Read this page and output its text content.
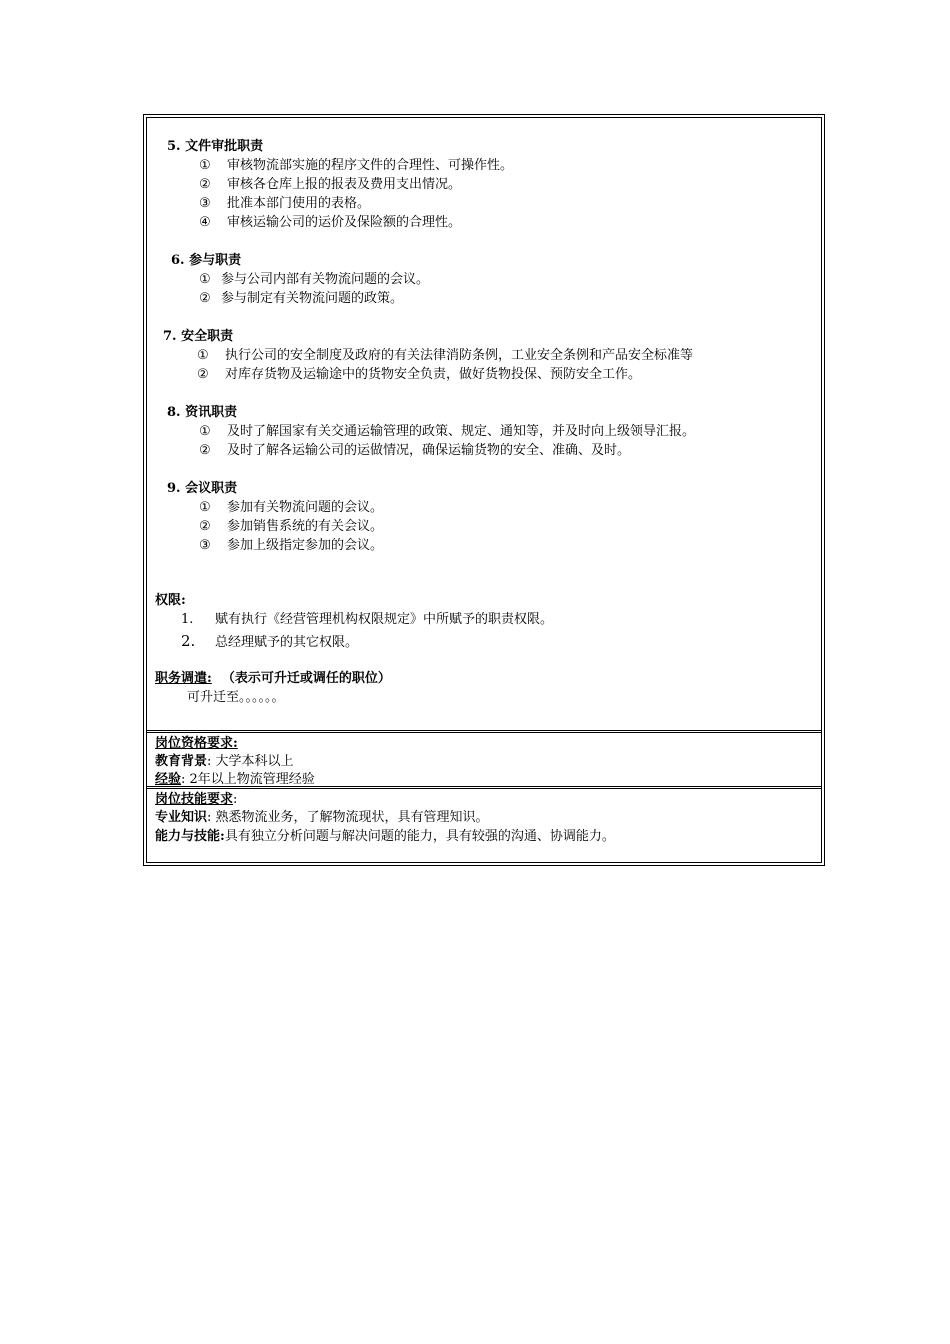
5. 文件审批职责
① 审核物流部实施的程序文件的合理性、可操作性。
② 审核各仓库上报的报表及费用支出情况。
③ 批准本部门使用的表格。
④ 审核运输公司的运价及保险额的合理性。
6. 参与职责
① 参与公司内部有关物流问题的会议。
② 参与制定有关物流问题的政策。
7. 安全职责
① 执行公司的安全制度及政府的有关法律消防条例，工业安全条例和产品安全标准等
② 对库存货物及运输途中的货物安全负责，做好货物投保、预防安全工作。
8. 资讯职责
① 及时了解国家有关交通运输管理的政策、规定、通知等，并及时向上级领导汇报。
② 及时了解各运输公司的运做情况，确保运输货物的安全、准确、及时。
9. 会议职责
① 参加有关物流问题的会议。
② 参加销售系统的有关会议。
③ 参加上级指定参加的会议。
权限:
1. 赋有执行《经营管理机构权限规定》中所赋予的职责权限。
2. 总经理赋予的其它权限。
职务调遣: （表示可升迁或调任的职位）
可升迁至。。。。。。
岗位资格要求:
教育背景: 大学本科以上
经验: 2年以上物流管理经验
岗位技能要求:
专业知识: 熟悉物流业务，了解物流现状，具有管理知识。
能力与技能:具有独立分析问题与解决问题的能力，具有较强的沟通、协调能力。
